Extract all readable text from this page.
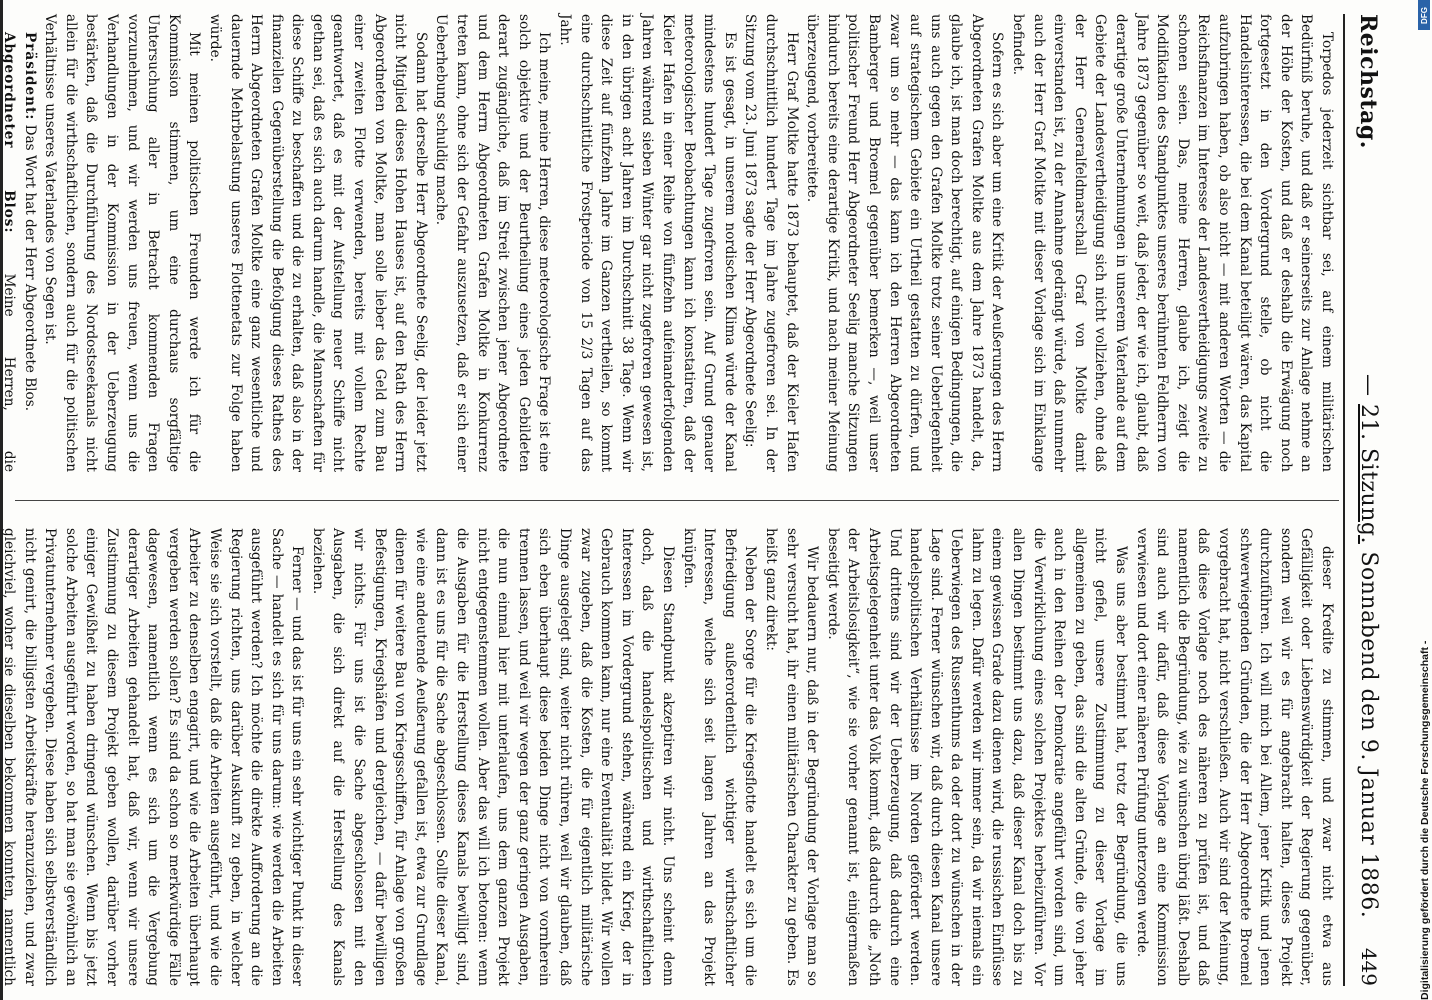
Reichstag.
— 21. Sitzung. Sonnabend den 9. Januar 1886.
449

Torpedos jederzeit sichtbar sei, auf einem militärischen Bedürfniß beruhe, und daß er seinerseits zur Anlage nehme an der Höhe der Kosten, und daß er deshalb die Erwägung noch fortgesetzt in den Vordergrund stelle, ob nicht die Handelsinteressen, die bei dem Kanal beteiligt wären, das Kapital aufzubringen haben, ob also nicht — mit anderen Worten — die Reichsfinanzen im Interesse der Landesvertheidigungs zweite zu schonen seien. Das, meine Herren, glaube ich, zeigt die Modifikation des Standpunktes unseres berühmten Feldherrn von Jahre 1873 gegenüber so weit, daß jeder, der wie ich, glaubt, daß derartige große Unternehmungen in unserem Vaterlande auf dem Gebiete der Landesvertheidigung sich nicht vollziehen, ohne daß der Herr Generalfeldmarschall Graf von Moltke damit einverstanden ist, zu der Annahme gedrängt würde, daß nunmehr auch der Herr Graf Moltke mit dieser Vorlage sich im Einklange befindet.

Sofern es sich aber um eine Kritik der Aeußerungen des Herrn Abgeordneten Grafen Moltke aus dem Jahre 1873 handelt, da, glaube ich, ist man doch berechtigt, auf einigen Bedingungen, die uns auch gegen den Grafen Moltke trotz seiner Ueberlegenheit auf strategischem Gebiete ein Urtheil gestatten zu dürfen, und zwar um so mehr — das kann ich den Herren Abgeordneten Bamberger und Broemel gegenüber bemerken —, weil unser politischer Freund Herr Abgeordneter Seelig manche Sitzungen hindurch bereits eine derartige Kritik, und nach meiner Meinung überzeugend, vorbereitete.

Herr Graf Moltke hatte 1873 behauptet, daß der Kieler Hafen durchschnittlich hundert Tage im Jahre zugefroren sei. In der Sitzung vom 23. Juni 1873 sagte der Herr Abgeordnete Seelig:

Es ist gesagt, in unserem nordischen Klima würde der Kanal mindestens hundert Tage zugefroren sein. Auf Grund genauer meteorologischer Beobachtungen kann ich konstatiren, daß der Kieler Hafen in einer Reihe von fünfzehn aufeinanderfolgenden Jahren während sieben Winter gar nicht zugefroren gewesen ist, in den übrigen acht Jahren im Durchschnitt 38 Tage. Wenn wir diese Zeit auf fünfzehn Jahre im Ganzen vertheilen, so kommt eine durchschnittliche Frostperiode von 15 2/3 Tagen auf das Jahr.

Ich meine, meine Herren, diese meteorologische Frage ist eine solch objektive und der Beurtheilung eines jeden Gebildeten derart zugängliche, daß im Streit zwischen jener Abgeordnete und dem Herrn Abgeordneten Grafen Moltke in Konkurrenz treten kann, ohne sich der Gefahr auszusetzen, daß er sich einer Ueberhebung schuldig mache.

Sodann hat derselbe Herr Abgeordnete Seelig, der leider jetzt nicht Mitglied dieses Hohen Hauses ist, auf den Rath des Herrn Abgeordneten von Moltke, man solle lieber das Geld zum Bau einer zweiten Flotte verwenden, bereits mit vollem Rechte geantwortet, daß es mit der Aufstellung neuer Schiffe nicht gethan sei, daß es sich auch darum handle, die Mannschaften für diese Schiffe zu beschaffen und die zu erhalten, daß also in der finanziellen Gegenüberstellung die Befolgung dieses Rathes des Herrn Abgeordneten Grafen Moltke eine ganz wesentliche und dauernde Mehrbelastung unseres Flottenetats zur Folge haben würde.

Mit meinen politischen Freunden werde ich für die Kommission stimmen, um eine durchaus sorgfältige Untersuchung aller in Betracht kommenden Fragen vorzunehmen, und wir werden uns freuen, wenn uns die Verhandlungen in der Kommission in der Ueberzeugung bestärken, daß die Durchführung des Nordostseekanals nicht allein für die wirthschaftlichen, sondern auch für die politischen Verhältnisse unseres Vaterlandes von Segen ist.

Präsident: Das Wort hat der Herr Abgeordnete Blos.

Abgeordneter Blos: Meine Herren, die

dieser Kredite zu stimmen, und zwar nicht etwa aus Gefälligkeit oder Liebenswürdigkeit der Regierung gegenüber, sondern weil wir es für angebracht halten, dieses Projekt durchzuführen. Ich will mich bei Allem, jener Kritik und jenen schwerwiegenden Gründen, die der Herr Abgeordnete Broemel vorgebracht hat, nicht verschließen. Auch wir sind der Meinung, daß diese Vorlage noch des näheren zu prüfen ist, und daß namentlich die Begründung, wie zu wünschen übrig läßt. Deshalb sind auch wir dafür, daß diese Vorlage an eine Kommission verwiesen und dort einer näheren Prüfung unterzogen werde.

Was uns aber bestimmt hat, trotz der Begründung, die uns nicht gefiel, unsere Zustimmung zu dieser Vorlage im allgemeinen zu geben, das sind die alten Gründe, die von jeher auch in den Reihen der Demokratie angeführt worden sind, um die Verwirklichung eines solchen Projektes herbeizuführen. Vor allen Dingen bestimmt uns dazu, daß dieser Kanal doch bis zu einem gewissen Grade dazu dienen wird, die russischen Einflüsse lahm zu legen. Dafür werden wir immer sein, da wir niemals ein Ueberwiegen des Russenthums da oder dort zu wünschen in der Lage sind. Ferner wünschen wir, daß durch diesen Kanal unsere handelspolitischen Verhältnisse im Norden gefördert werden. Und drittens sind wir der Ueberzeugung, daß dadurch eine Arbeitsgelegenheit unter das Volk kommt, daß dadurch die „Noth der Arbeitslosigkeit“, wie sie vorher genannt ist, einigermaßen beseitigt werde.

Wir bedauern nur, daß in der Begründung der Vorlage man so sehr versucht hat, ihr einen militärischen Charakter zu geben. Es heißt ganz direkt:

Neben der Sorge für die Kriegsflotte handelt es sich um die Befriedigung außerordentlich wichtiger wirthschaftlicher Interessen, welche sich seit langen Jahren an das Projekt knüpfen.

Diesen Standpunkt akzeptiren wir nicht. Uns scheint denn doch, daß die handelspolitischen und wirthschaftlichen Interessen im Vordergrund stehen, während ein Krieg, der in Gebrauch kommen kann, nur eine Eventualität bildet. Wir wollen zwar zugeben, daß die Kosten, die für eigentlich militärische Dinge ausgelegt sind, weiter nicht rühren, weil wir glauben, daß sich eben überhaupt diese beiden Dinge nicht von vornherein trennen lassen, und weil wir wegen der ganz geringen Ausgaben, die nun einmal hier mit unterlaufen, uns dem ganzen Projekt nicht entgegenstemmen wollen. Aber das will ich betonen: wenn die Ausgaben für die Herstellung dieses Kanals bewilligt sind, dann ist es uns für die Sache abgeschlossen. Sollte dieser Kanal, wie eine andeutende Aeußerung gefallen ist, etwa zur Grundlage dienen für weitere Bau von Kriegsschiffen, für Anlage von großen Befestigungen, Kriegshäfen und dergleichen, — dafür bewilligen wir nichts. Für uns ist die Sache abgeschlossen mit den Ausgaben, die sich direkt auf die Herstellung des Kanals beziehen.

Ferner — und das ist für uns ein sehr wichtiger Punkt in dieser Sache — handelt es sich für uns darum: wie werden die Arbeiten ausgeführt werden? Ich möchte die direkte Aufforderung an die Regierung richten, uns darüber Auskunft zu geben, in welcher Weise sie sich vorstellt, daß die Arbeiten ausgeführt, und wie die Arbeiter zu denselben engagirt, und wie die Arbeiten überhaupt vergeben werden sollen? Es sind da schon so merkwürdige Fälle dagewesen, namentlich wenn es sich um die Vergebung derartiger Arbeiten gehandelt hat, daß wir, wenn wir unsere Zustimmung zu diesem Projekt geben wollen, darüber vorher einiger Gewißheit zu haben dringend wünschen. Wenn bis jetzt solche Arbeiten ausgeführt worden, so hat man sie gewöhnlich an Privatunternehmer vergeben. Diese haben sich selbstverständlich nicht genirt, die billigsten Arbeitskräfte heranzuziehen, und zwar gleichviel, woher sie dieselben bekommen konnten, namentlich	Digitalisierung gefördert durch die Deutsche Forschungsgemeinschaft -
DFG
